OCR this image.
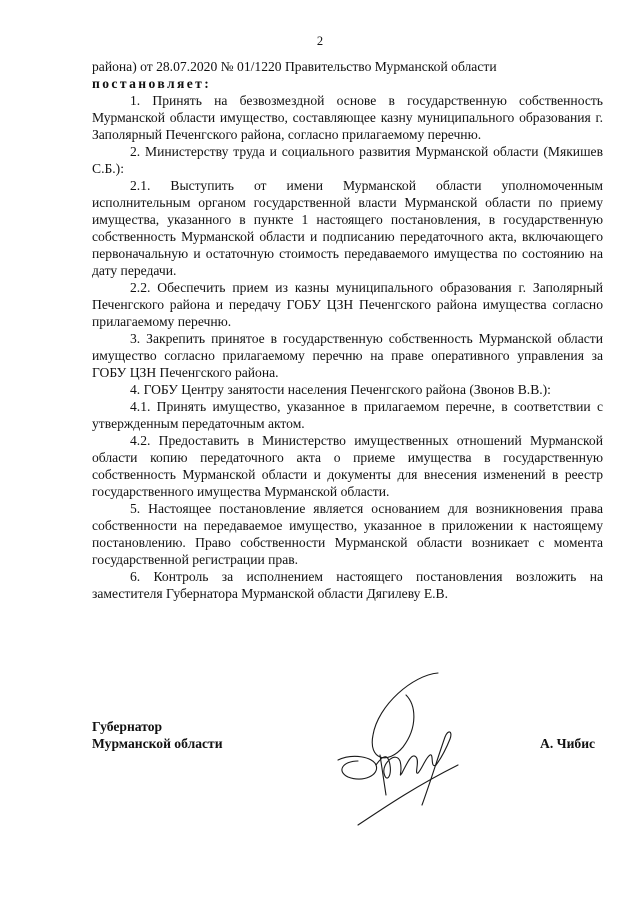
2

района) от 28.07.2020 № 01/1220 Правительство Мурманской области

постановляет:

1. Принять на безвозмездной основе в государственную собственность Мурманской области имущество, составляющее казну муниципального образования г. Заполярный Печенгского района, согласно прилагаемому перечню.

2. Министерству труда и социального развития Мурманской области (Мякишев С.Б.):

2.1. Выступить от имени Мурманской области уполномоченным исполнительным органом государственной власти Мурманской области по приему имущества, указанного в пункте 1 настоящего постановления, в государственную собственность Мурманской области и подписанию передаточного акта, включающего первоначальную и остаточную стоимость передаваемого имущества по состоянию на дату передачи.

2.2. Обеспечить прием из казны муниципального образования г. Заполярный Печенгского района и передачу ГОБУ ЦЗН Печенгского района имущества согласно прилагаемому перечню.

3. Закрепить принятое в государственную собственность Мурманской области имущество согласно прилагаемому перечню на праве оперативного управления за ГОБУ ЦЗН Печенгского района.

4. ГОБУ Центру занятости населения Печенгского района (Звонов В.В.):

4.1. Принять имущество, указанное в прилагаемом перечне, в соответствии с утвержденным передаточным актом.

4.2. Предоставить в Министерство имущественных отношений Мурманской области копию передаточного акта о приеме имущества в государственную собственность Мурманской области и документы для внесения изменений в реестр государственного имущества Мурманской области.

5. Настоящее постановление является основанием для возникновения права собственности на передаваемое имущество, указанное в приложении к настоящему постановлению. Право собственности Мурманской области возникает с момента государственной регистрации прав.

6. Контроль за исполнением настоящего постановления возложить на заместителя Губернатора Мурманской области Дягилеву Е.В.

Губернатор
Мурманской области	А. Чибис
